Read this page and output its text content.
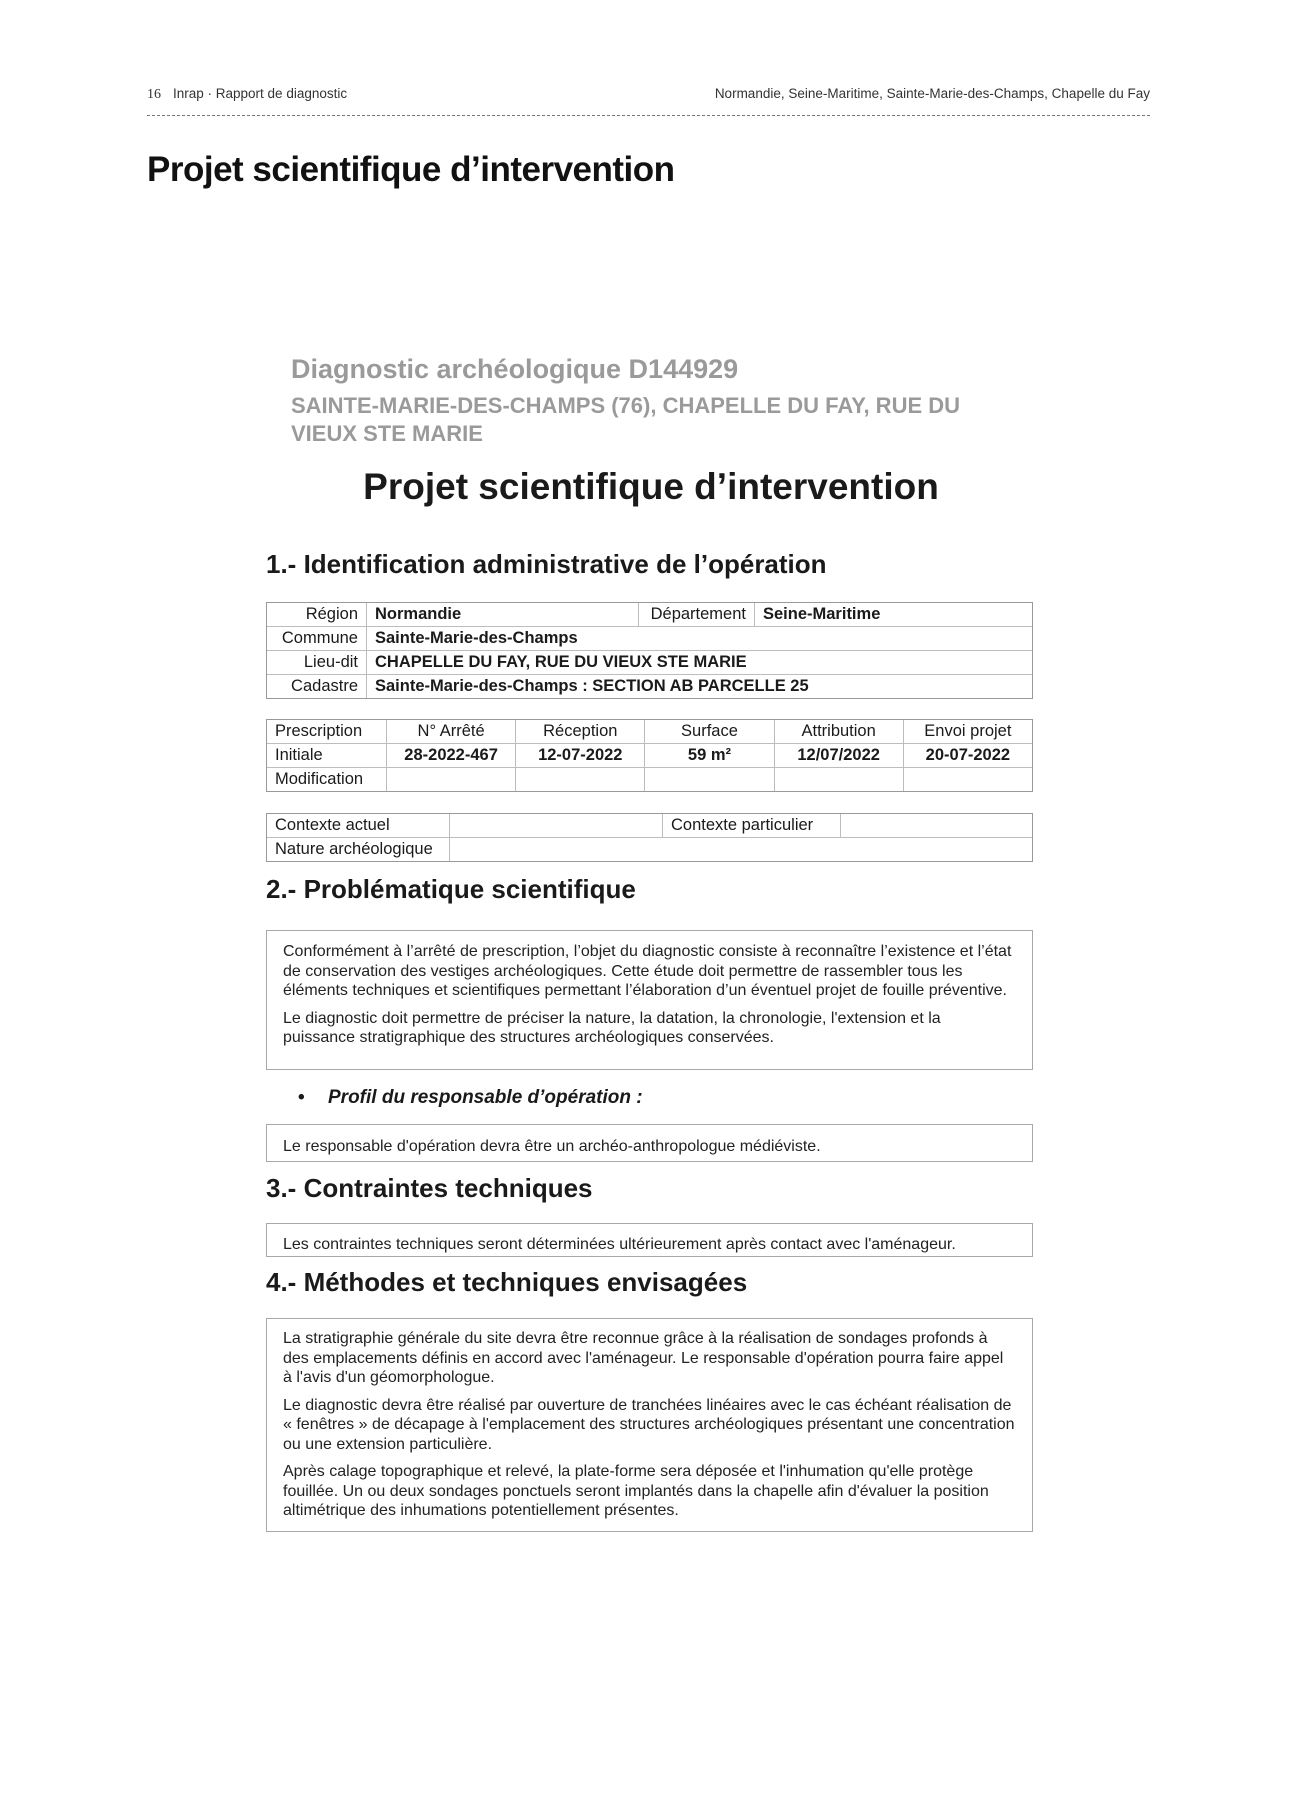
16 Inrap · Rapport de diagnostic	Normandie, Seine-Maritime, Sainte-Marie-des-Champs, Chapelle du Fay
Projet scientifique d’intervention
Diagnostic archéologique D144929
SAINTE-MARIE-DES-CHAMPS (76), CHAPELLE DU FAY, RUE DU VIEUX STE MARIE
Projet scientifique d’intervention
1.- Identification administrative de l’opération
Région	Normandie	Département	Seine-Maritime
Commune	Sainte-Marie-des-Champs		
Lieu-dit	CHAPELLE DU FAY, RUE DU VIEUX STE MARIE		
Cadastre	Sainte-Marie-des-Champs : SECTION AB PARCELLE 25		
Prescription	N° Arrêté	Réception	Surface	Attribution	Envoi projet
Initiale	28-2022-467	12-07-2022	59 m²	12/07/2022	20-07-2022
Modification					
Contexte actuel		Contexte particulier	
Nature archéologique			
2.- Problématique scientifique

Conformément à l’arrêté de prescription, l’objet du diagnostic consiste à reconnaître l’existence et l’état de conservation des vestiges archéologiques. Cette étude doit permettre de rassembler tous les éléments techniques et scientifiques permettant l’élaboration d’un éventuel projet de fouille préventive.

Le diagnostic doit permettre de préciser la nature, la datation, la chronologie, l'extension et la puissance stratigraphique des structures archéologiques conservées.

• Profil du responsable d’opération :

Le responsable d'opération devra être un archéo-anthropologue médiéviste.

3.- Contraintes techniques

Les contraintes techniques seront déterminées ultérieurement après contact avec l'aménageur.

4.- Méthodes et techniques envisagées

La stratigraphie générale du site devra être reconnue grâce à la réalisation de sondages profonds à des emplacements définis en accord avec l'aménageur. Le responsable d'opération pourra faire appel à l'avis d'un géomorphologue.

Le diagnostic devra être réalisé par ouverture de tranchées linéaires avec le cas échéant réalisation de « fenêtres » de décapage à l'emplacement des structures archéologiques présentant une concentration ou une extension particulière.

Après calage topographique et relevé, la plate-forme sera déposée et l'inhumation qu'elle protège fouillée. Un ou deux sondages ponctuels seront implantés dans la chapelle afin d'évaluer la position altimétrique des inhumations potentiellement présentes.
